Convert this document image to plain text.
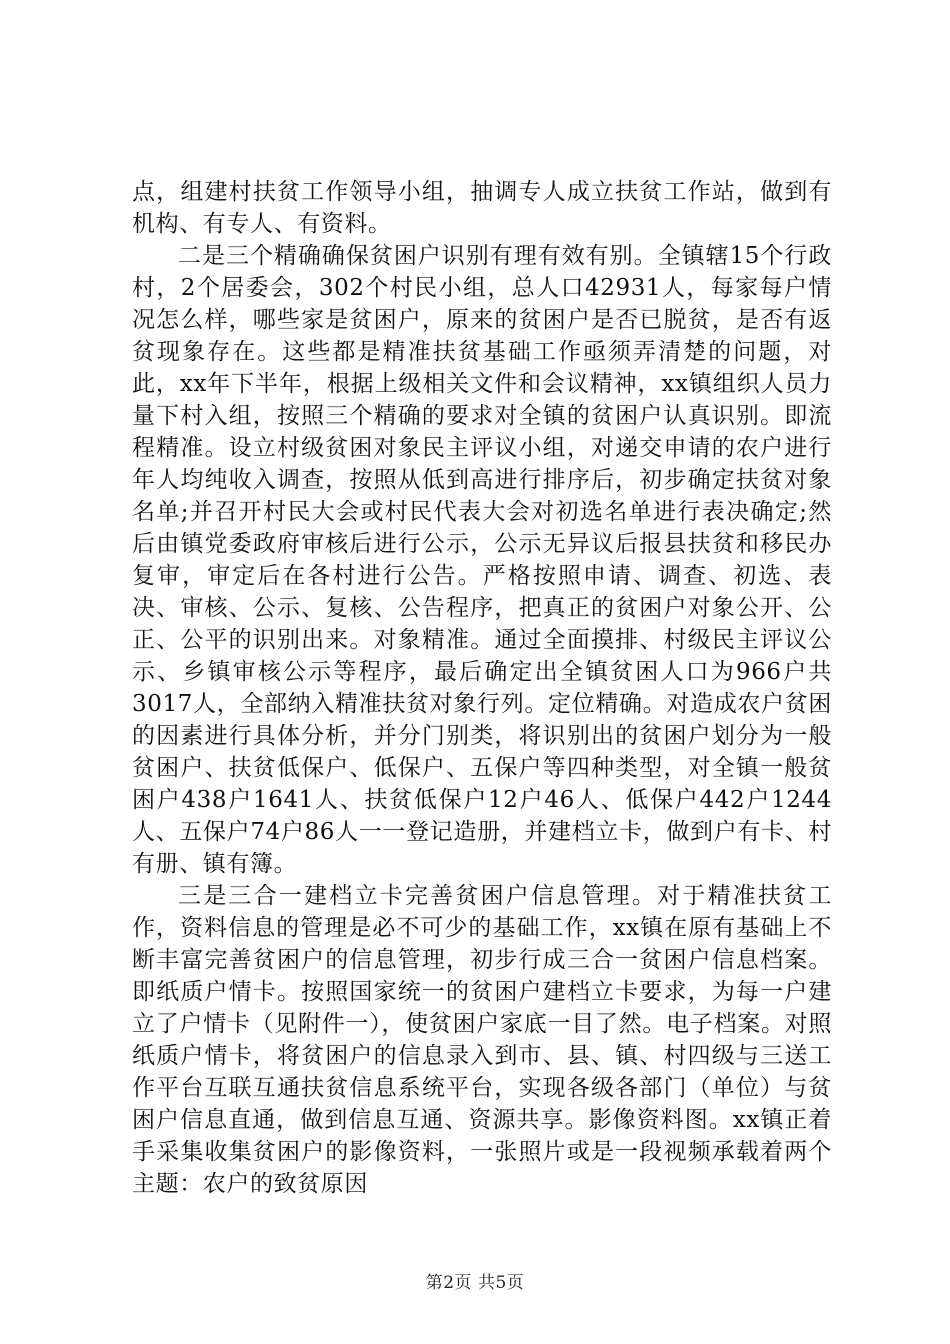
点，组建村扶贫工作领导小组，抽调专人成立扶贫工作站，做到有机构、有专人、有资料。

二是三个精确确保贫困户识别有理有效有别。全镇辖15个行政村，2个居委会，302个村民小组，总人口42931人，每家每户情况怎么样，哪些家是贫困户，原来的贫困户是否已脱贫，是否有返贫现象存在。这些都是精准扶贫基础工作亟须弄清楚的问题，对此，xx年下半年，根据上级相关文件和会议精神，xx镇组织人员力量下村入组，按照三个精确的要求对全镇的贫困户认真识别。即流程精准。设立村级贫困对象民主评议小组，对递交申请的农户进行年人均纯收入调查，按照从低到高进行排序后，初步确定扶贫对象名单;并召开村民大会或村民代表大会对初选名单进行表决确定;然后由镇党委政府审核后进行公示，公示无异议后报县扶贫和移民办复审，审定后在各村进行公告。严格按照申请、调查、初选、表决、审核、公示、复核、公告程序，把真正的贫困户对象公开、公正、公平的识别出来。对象精准。通过全面摸排、村级民主评议公示、乡镇审核公示等程序，最后确定出全镇贫困人口为966户共3017人，全部纳入精准扶贫对象行列。定位精确。对造成农户贫困的因素进行具体分析，并分门别类，将识别出的贫困户划分为一般贫困户、扶贫低保户、低保户、五保户等四种类型，对全镇一般贫困户438户1641人、扶贫低保户12户46人、低保户442户1244人、五保户74户86人一一登记造册，并建档立卡，做到户有卡、村有册、镇有簿。

三是三合一建档立卡完善贫困户信息管理。对于精准扶贫工作，资料信息的管理是必不可少的基础工作，xx镇在原有基础上不断丰富完善贫困户的信息管理，初步行成三合一贫困户信息档案。即纸质户情卡。按照国家统一的贫困户建档立卡要求，为每一户建立了户情卡（见附件一），使贫困户家底一目了然。电子档案。对照纸质户情卡，将贫困户的信息录入到市、县、镇、村四级与三送工作平台互联互通扶贫信息系统平台，实现各级各部门（单位）与贫困户信息直通，做到信息互通、资源共享。影像资料图。xx镇正着手采集收集贫困户的影像资料，一张照片或是一段视频承载着两个主题：农户的致贫原因

第2页 共5页
